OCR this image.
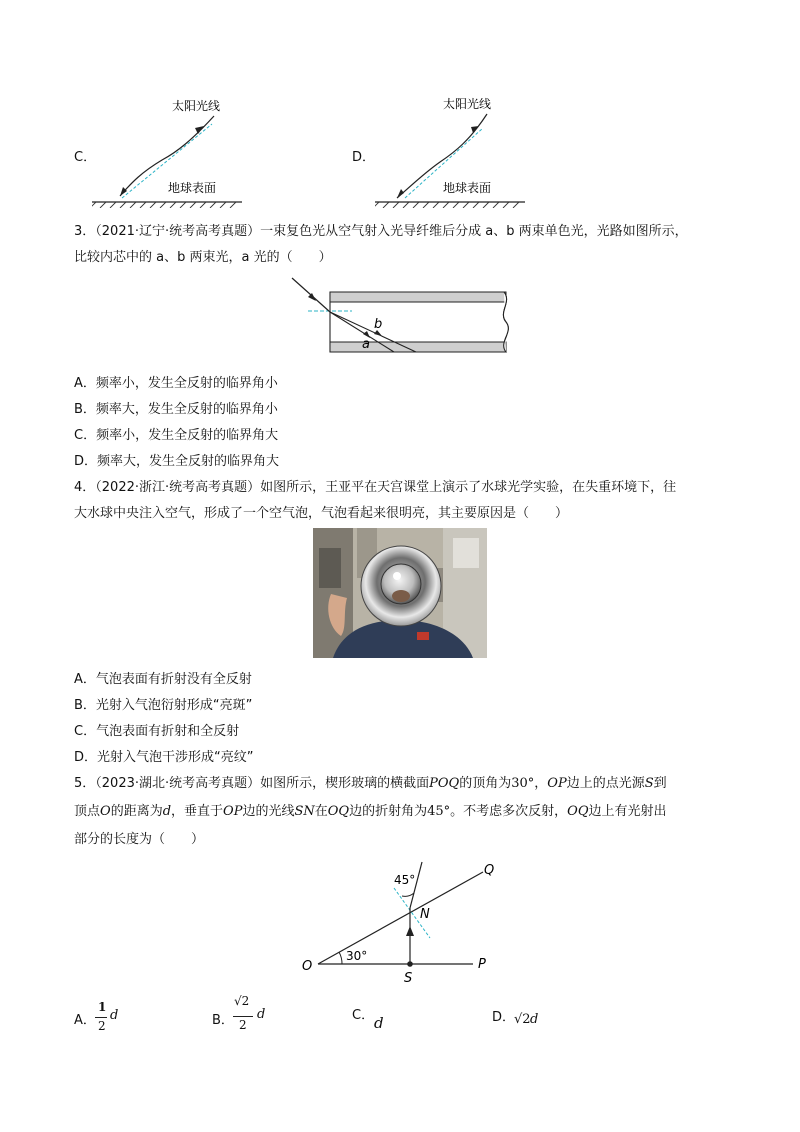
C．
太阳光线
地球表面
D．
太阳光线
地球表面
3．（2021·辽宁·统考高考真题）一束复色光从空气射入光导纤维后分成 a、b 两束单色光，光路如图所示，
比较内芯中的 a、b 两束光，a 光的（　　）
b
a
A．频率小，发生全反射的临界角小
B．频率大，发生全反射的临界角小
C．频率小，发生全反射的临界角大
D．频率大，发生全反射的临界角大
4．（2022·浙江·统考高考真题）如图所示，王亚平在天宫课堂上演示了水球光学实验，在失重环境下，往
大水球中央注入空气，形成了一个空气泡，气泡看起来很明亮，其主要原因是（　　）
A．气泡表面有折射没有全反射
B．光射入气泡衍射形成“亮斑”
C．气泡表面有折射和全反射
D．光射入气泡干涉形成“亮纹”
5．（2023·湖北·统考高考真题）如图所示，楔形玻璃的横截面POQ的顶角为30°，OP边上的点光源S到
顶点O的距离为d，垂直于OP边的光线SN在OQ边的折射角为45°。不考虑多次反射，OQ边上有光射出
部分的长度为（　　）
O	P
Q
N
S
30°
45°
A．
1
2
d	B．
√2
2
d	C． d	D．
√2 d
